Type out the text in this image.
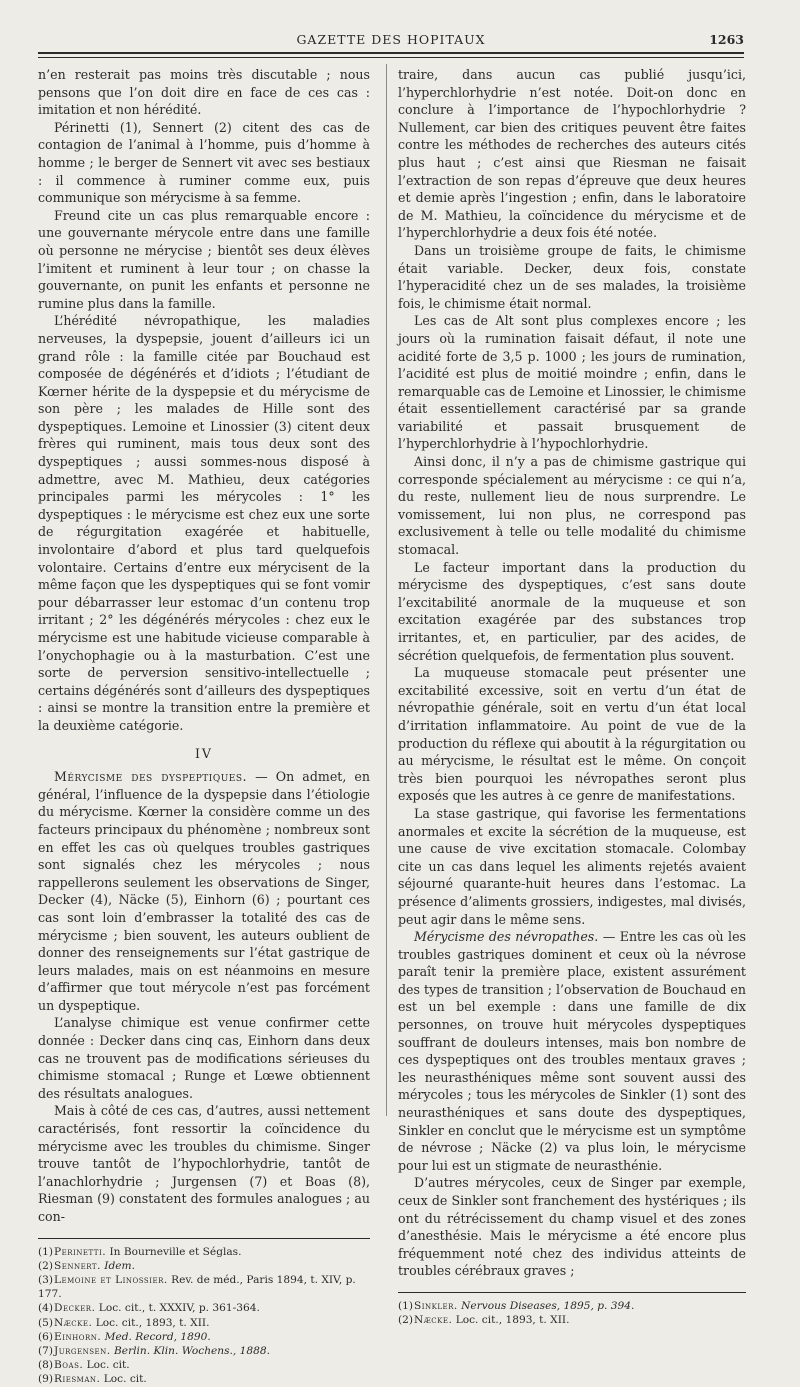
GAZETTE DES HOPITAUX	1263

n’en resterait pas moins très discutable ; nous pensons que l’on doit dire en face de ces cas : imitation et non hérédité.

Périnetti (1), Sennert (2) citent des cas de contagion de l’animal à l’homme, puis d’homme à homme ; le berger de Sennert vit avec ses bestiaux : il commence à ruminer comme eux, puis communique son mérycisme à sa femme.

Freund cite un cas plus remarquable encore : une gouvernante mérycole entre dans une famille où personne ne mérycise ; bientôt ses deux élèves l’imitent et ruminent à leur tour ; on chasse la gouvernante, on punit les enfants et personne ne rumine plus dans la famille.

L’hérédité névropathique, les maladies nerveuses, la dyspepsie, jouent d’ailleurs ici un grand rôle : la famille citée par Bouchaud est composée de dégénérés et d’idiots ; l’étudiant de Kœrner hérite de la dyspepsie et du mérycisme de son père ; les malades de Hille sont des dyspeptiques. Lemoine et Linossier (3) citent deux frères qui ruminent, mais tous deux sont des dyspeptiques ; aussi sommes-nous disposé à admettre, avec M. Mathieu, deux catégories principales parmi les mérycoles : 1° les dyspeptiques : le mérycisme est chez eux une sorte de régurgitation exagérée et habituelle, involontaire d’abord et plus tard quelquefois volontaire. Certains d’entre eux mérycisent de la même façon que les dyspeptiques qui se font vomir pour débarrasser leur estomac d’un contenu trop irritant ; 2° les dégénérés mérycoles : chez eux le mérycisme est une habitude vicieuse comparable à l’onychophagie ou à la masturbation. C’est une sorte de perversion sensitivo-intellectuelle ; certains dégénérés sont d’ailleurs des dyspeptiques : ainsi se montre la transition entre la première et la deuxième catégorie.

IV

Mérycisme des dyspeptiques. — On admet, en général, l’influence de la dyspepsie dans l’étiologie du mérycisme. Kœrner la considère comme un des facteurs principaux du phénomène ; nombreux sont en effet les cas où quelques troubles gastriques sont signalés chez les mérycoles ; nous rappellerons seulement les observations de Singer, Decker (4), Näcke (5), Einhorn (6) ; pourtant ces cas sont loin d’embrasser la totalité des cas de mérycisme ; bien souvent, les auteurs oublient de donner des renseignements sur l’état gastrique de leurs malades, mais on est néanmoins en mesure d’affirmer que tout mérycole n’est pas forcément un dyspeptique.

L’analyse chimique est venue confirmer cette donnée : Decker dans cinq cas, Einhorn dans deux cas ne trouvent pas de modifications sérieuses du chimisme stomacal ; Runge et Lœwe obtiennent des résultats analogues.

Mais à côté de ces cas, d’autres, aussi nettement caractérisés, font ressortir la coïncidence du mérycisme avec les troubles du chimisme. Singer trouve tantôt de l’hypochlorhydrie, tantôt de l’anachlorhydrie ; Jurgensen (7) et Boas (8), Riesman (9) constatent des formules analogues ; au con-

(1)Perinetti. In Bourneville et Séglas.

(2)Sennert. Idem.

(3)Lemoine et Linossier. Rev. de méd., Paris 1894, t. XIV, p. 177.

(4)Decker. Loc. cit., t. XXXIV, p. 361-364.

(5)Næcke. Loc. cit., 1893, t. XII.

(6)Einhorn. Med. Record, 1890.

(7)Jurgensen. Berlin. Klin. Wochens., 1888.

(8)Boas. Loc. cit.

(9)Riesman. Loc. cit.

traire, dans aucun cas publié jusqu’ici, l’hyperchlorhydrie n’est notée. Doit-on donc en conclure à l’importance de l’hypochlorhydrie ? Nullement, car bien des critiques peuvent être faites contre les méthodes de recherches des auteurs cités plus haut ; c’est ainsi que Riesman ne faisait l’extraction de son repas d’épreuve que deux heures et demie après l’ingestion ; enfin, dans le laboratoire de M. Mathieu, la coïncidence du mérycisme et de l’hyperchlorhydrie a deux fois été notée.

Dans un troisième groupe de faits, le chimisme était variable. Decker, deux fois, constate l’hyperacidité chez un de ses malades, la troisième fois, le chimisme était normal.

Les cas de Alt sont plus complexes encore ; les jours où la rumination faisait défaut, il note une acidité forte de 3,5 p. 1000 ; les jours de rumination, l’acidité est plus de moitié moindre ; enfin, dans le remarquable cas de Lemoine et Linossier, le chimisme était essentiellement caractérisé par sa grande variabilité et passait brusquement de l’hyperchlorhydrie à l’hypochlorhydrie.

Ainsi donc, il n’y a pas de chimisme gastrique qui corresponde spécialement au mérycisme : ce qui n’a, du reste, nullement lieu de nous surprendre. Le vomissement, lui non plus, ne correspond pas exclusivement à telle ou telle modalité du chimisme stomacal.

Le facteur important dans la production du mérycisme des dyspeptiques, c’est sans doute l’excitabilité anormale de la muqueuse et son excitation exagérée par des substances trop irritantes, et, en particulier, par des acides, de sécrétion quelquefois, de fermentation plus souvent.

La muqueuse stomacale peut présenter une excitabilité excessive, soit en vertu d’un état de névropathie générale, soit en vertu d’un état local d’irritation inflammatoire. Au point de vue de la production du réflexe qui aboutit à la régurgitation ou au mérycisme, le résultat est le même. On conçoit très bien pourquoi les névropathes seront plus exposés que les autres à ce genre de manifestations.

La stase gastrique, qui favorise les fermentations anormales et excite la sécrétion de la muqueuse, est une cause de vive excitation stomacale. Colombay cite un cas dans lequel les aliments rejetés avaient séjourné quarante-huit heures dans l’estomac. La présence d’aliments grossiers, indigestes, mal divisés, peut agir dans le même sens.

Mérycisme des névropathes. — Entre les cas où les troubles gastriques dominent et ceux où la névrose paraît tenir la première place, existent assurément des types de transition ; l’observation de Bouchaud en est un bel exemple : dans une famille de dix personnes, on trouve huit mérycoles dyspeptiques souffrant de douleurs intenses, mais bon nombre de ces dyspeptiques ont des troubles mentaux graves ; les neurasthéniques même sont souvent aussi des mérycoles ; tous les mérycoles de Sinkler (1) sont des neurasthéniques et sans doute des dyspeptiques, Sinkler en conclut que le mérycisme est un symptôme de névrose ; Näcke (2) va plus loin, le mérycisme pour lui est un stigmate de neurasthénie.

D’autres mérycoles, ceux de Singer par exemple, ceux de Sinkler sont franchement des hystériques ; ils ont du rétrécissement du champ visuel et des zones d’anesthésie. Mais le mérycisme a été encore plus fréquemment noté chez des individus atteints de troubles cérébraux graves ;

(1)Sinkler. Nervous Diseases, 1895, p. 394.

(2)Næcke. Loc. cit., 1893, t. XII.
